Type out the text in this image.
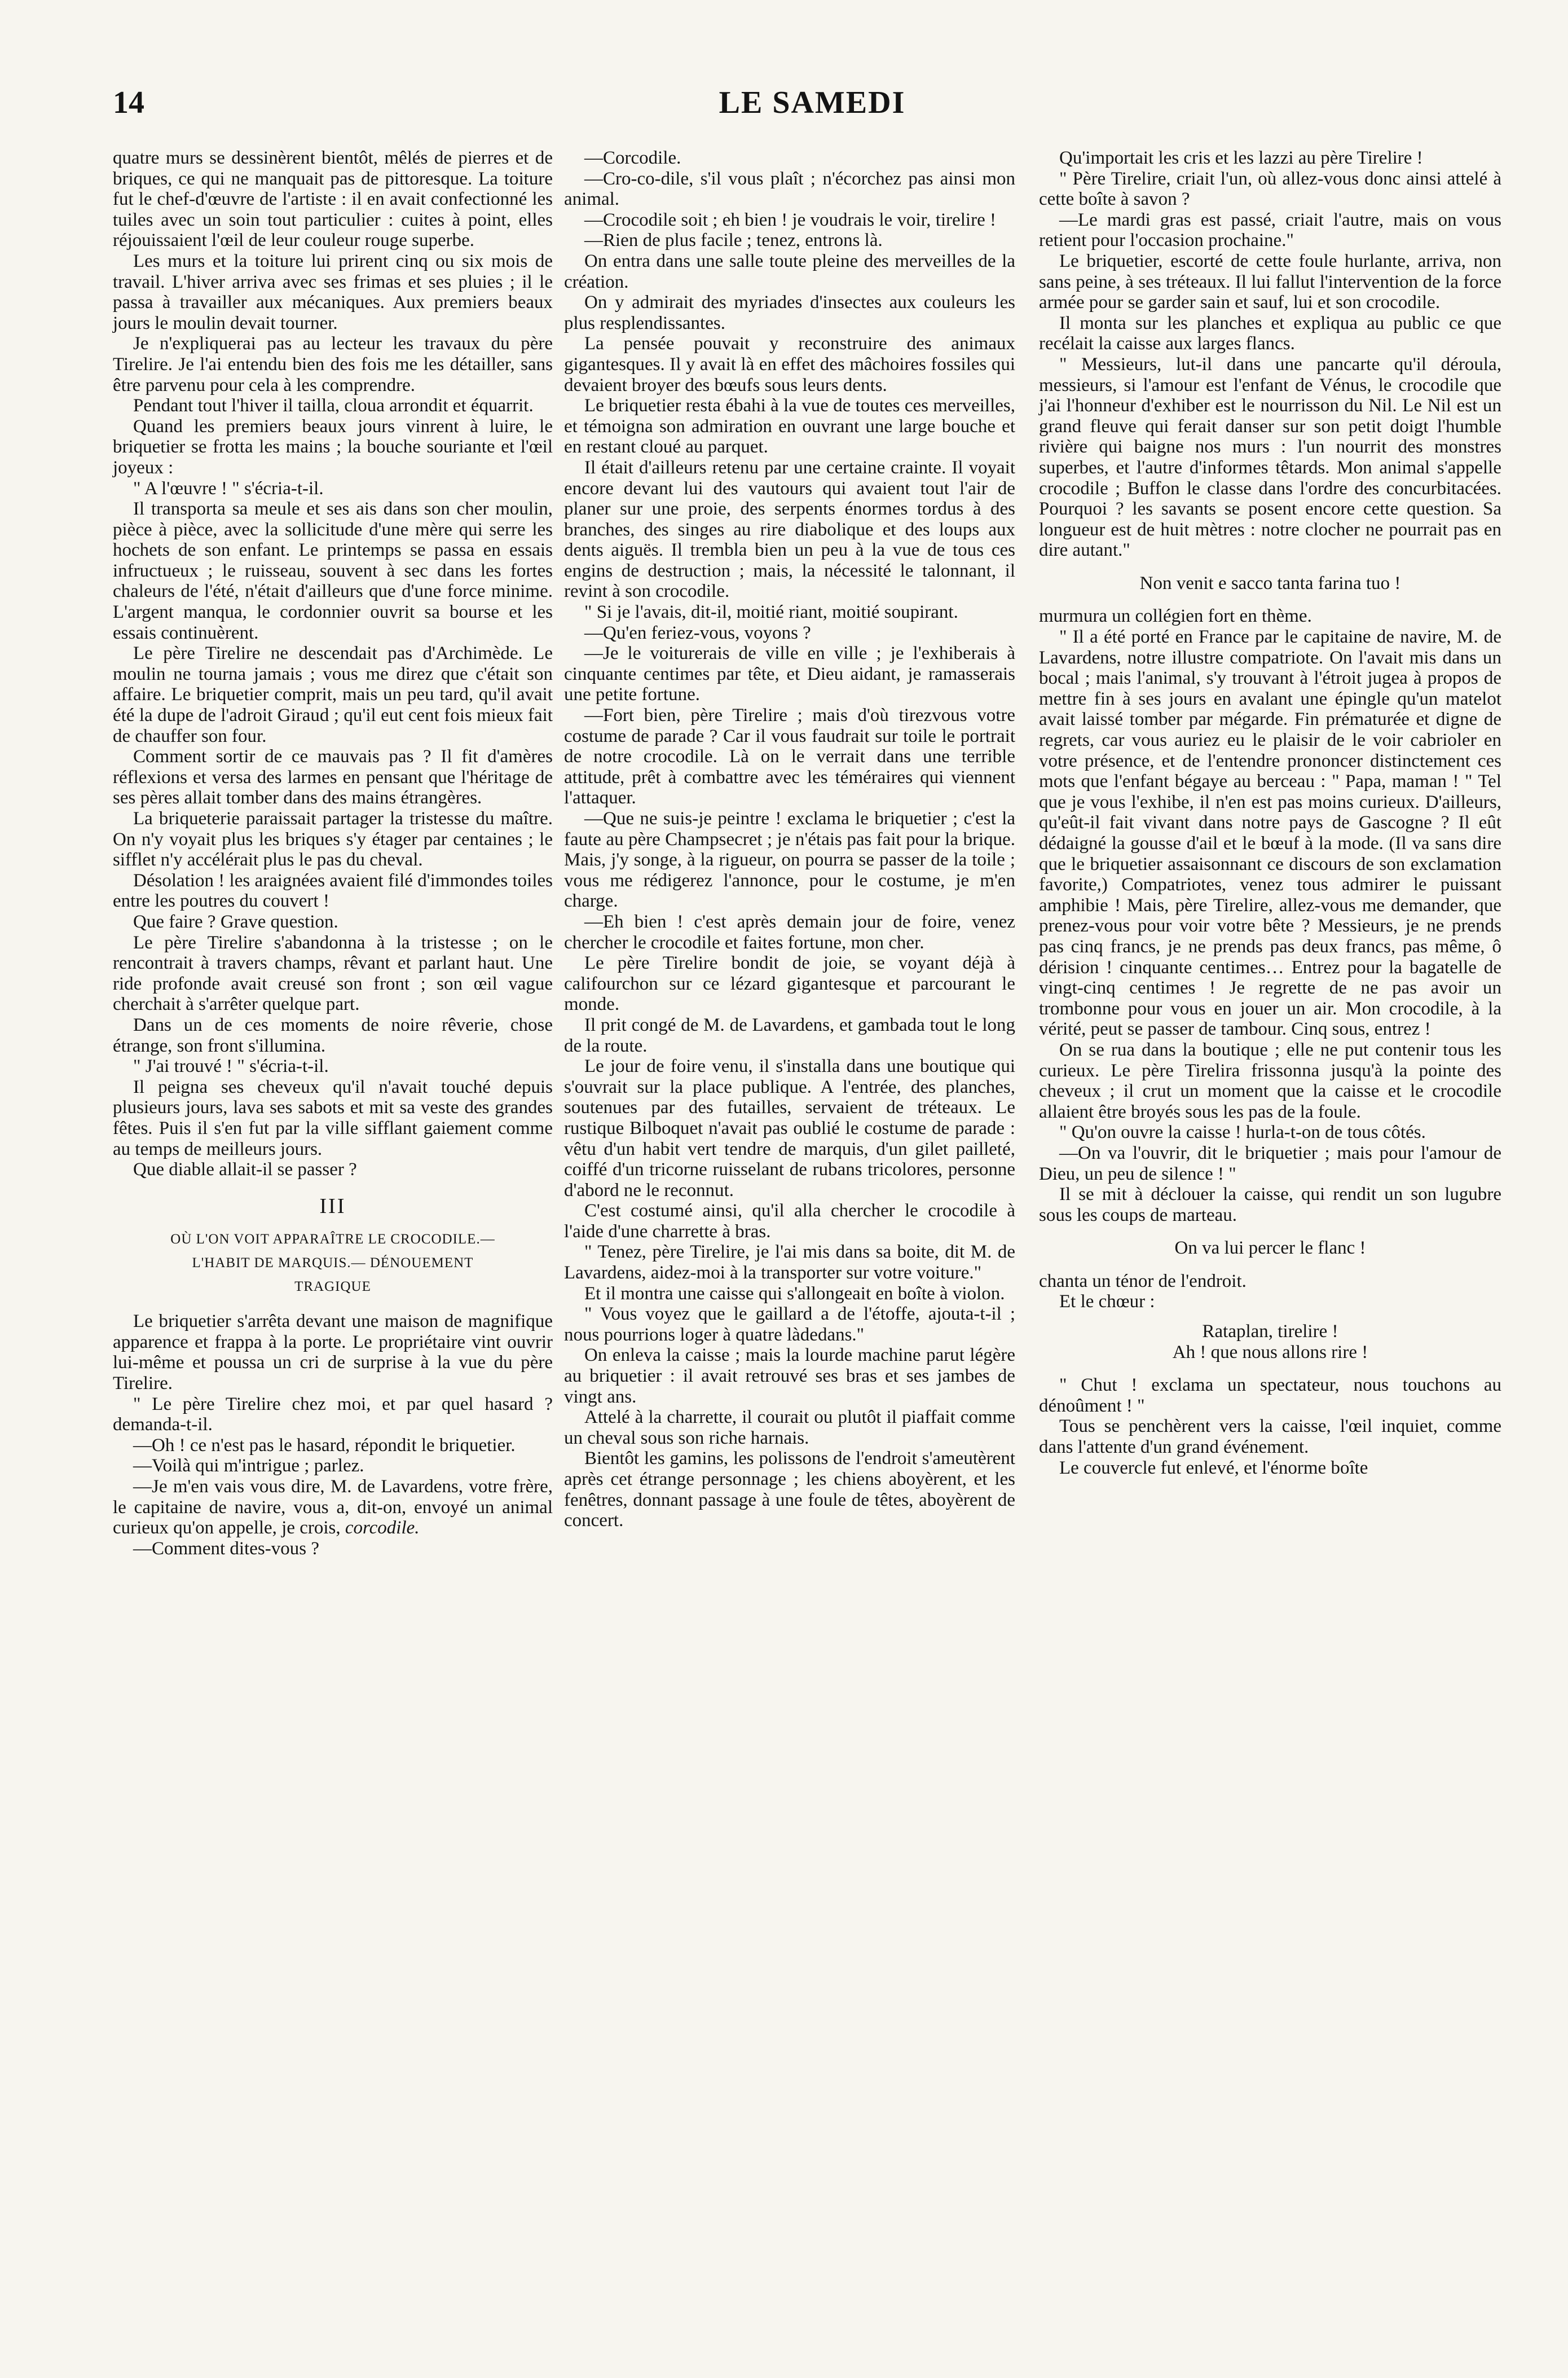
14	LE SAMEDI

quatre murs se dessinèrent bientôt, mêlés de pierres et de briques, ce qui ne manquait pas de pittoresque. La toiture fut le chef-d'œuvre de l'artiste : il en avait confectionné les tuiles avec un soin tout particulier : cuites à point, elles réjouissaient l'œil de leur couleur rouge superbe.

Les murs et la toiture lui prirent cinq ou six mois de travail. L'hiver arriva avec ses frimas et ses pluies ; il le passa à travailler aux mécaniques. Aux premiers beaux jours le moulin devait tourner.

Je n'expliquerai pas au lecteur les travaux du père Tirelire. Je l'ai entendu bien des fois me les détailler, sans être parvenu pour cela à les comprendre.

Pendant tout l'hiver il tailla, cloua arrondit et équarrit.

Quand les premiers beaux jours vinrent à luire, le briquetier se frotta les mains ; la bouche souriante et l'œil joyeux :

" A l'œuvre ! " s'écria-t-il.

Il transporta sa meule et ses ais dans son cher moulin, pièce à pièce, avec la sollicitude d'une mère qui serre les hochets de son enfant. Le printemps se passa en essais infructueux ; le ruisseau, souvent à sec dans les fortes chaleurs de l'été, n'était d'ailleurs que d'une force minime. L'argent manqua, le cordonnier ouvrit sa bourse et les essais continuèrent.

Le père Tirelire ne descendait pas d'Archimède. Le moulin ne tourna jamais ; vous me direz que c'était son affaire. Le briquetier comprit, mais un peu tard, qu'il avait été la dupe de l'adroit Giraud ; qu'il eut cent fois mieux fait de chauffer son four.

Comment sortir de ce mauvais pas ? Il fit d'amères réflexions et versa des larmes en pensant que l'héritage de ses pères allait tomber dans des mains étrangères.

La briqueterie paraissait partager la tristesse du maître. On n'y voyait plus les briques s'y étager par centaines ; le sifflet n'y accélérait plus le pas du cheval.

Désolation ! les araignées avaient filé d'immondes toiles entre les poutres du couvert !

Que faire ? Grave question.

Le père Tirelire s'abandonna à la tristesse ; on le rencontrait à travers champs, rêvant et parlant haut. Une ride profonde avait creusé son front ; son œil vague cherchait à s'arrêter quelque part.

Dans un de ces moments de noire rêverie, chose étrange, son front s'illumina.

" J'ai trouvé ! " s'écria-t-il.

Il peigna ses cheveux qu'il n'avait touché depuis plusieurs jours, lava ses sabots et mit sa veste des grandes fêtes. Puis il s'en fut par la ville sifflant gaiement comme au temps de meilleurs jours.

Que diable allait-il se passer ?

III
OÙ L'ON VOIT APPARAÎTRE LE CROCODILE.—
L'HABIT DE MARQUIS.— DÉNOUEMENT
TRAGIQUE

Le briquetier s'arrêta devant une maison de magnifique apparence et frappa à la porte. Le propriétaire vint ouvrir lui-même et poussa un cri de surprise à la vue du père Tirelire.

" Le père Tirelire chez moi, et par quel hasard ? demanda-t-il.

—Oh ! ce n'est pas le hasard, répondit le briquetier.

—Voilà qui m'intrigue ; parlez.

—Je m'en vais vous dire, M. de Lavardens, votre frère, le capitaine de navire, vous a, dit-on, envoyé un animal curieux qu'on appelle, je crois, corcodile.

—Comment dites-vous ?

—Corcodile.

—Cro-co-dile, s'il vous plaît ; n'écorchez pas ainsi mon animal.

—Crocodile soit ; eh bien ! je voudrais le voir, tirelire !

—Rien de plus facile ; tenez, entrons là.

On entra dans une salle toute pleine des merveilles de la création.

On y admirait des myriades d'insectes aux couleurs les plus resplendissantes.

La pensée pouvait y reconstruire des animaux gigantesques. Il y avait là en effet des mâchoires fossiles qui devaient broyer des bœufs sous leurs dents.

Le briquetier resta ébahi à la vue de toutes ces merveilles, et témoigna son admiration en ouvrant une large bouche et en restant cloué au parquet.

Il était d'ailleurs retenu par une certaine crainte. Il voyait encore devant lui des vautours qui avaient tout l'air de planer sur une proie, des serpents énormes tordus à des branches, des singes au rire diabolique et des loups aux dents aiguës. Il trembla bien un peu à la vue de tous ces engins de destruction ; mais, la nécessité le talonnant, il revint à son crocodile.

" Si je l'avais, dit-il, moitié riant, moitié soupirant.

—Qu'en feriez-vous, voyons ?

—Je le voiturerais de ville en ville ; je l'exhiberais à cinquante centimes par tête, et Dieu aidant, je ramasserais une petite fortune.

—Fort bien, père Tirelire ; mais d'où tirezvous votre costume de parade ? Car il vous faudrait sur toile le portrait de notre crocodile. Là on le verrait dans une terrible attitude, prêt à combattre avec les téméraires qui viennent l'attaquer.

—Que ne suis-je peintre ! exclama le briquetier ; c'est la faute au père Champsecret ; je n'étais pas fait pour la brique. Mais, j'y songe, à la rigueur, on pourra se passer de la toile ; vous me rédigerez l'annonce, pour le costume, je m'en charge.

—Eh bien ! c'est après demain jour de foire, venez chercher le crocodile et faites fortune, mon cher.

Le père Tirelire bondit de joie, se voyant déjà à califourchon sur ce lézard gigantesque et parcourant le monde.

Il prit congé de M. de Lavardens, et gambada tout le long de la route.

Le jour de foire venu, il s'installa dans une boutique qui s'ouvrait sur la place publique. A l'entrée, des planches, soutenues par des futailles, servaient de tréteaux. Le rustique Bilboquet n'avait pas oublié le costume de parade : vêtu d'un habit vert tendre de marquis, d'un gilet pailleté, coiffé d'un tricorne ruisselant de rubans tricolores, personne d'abord ne le reconnut.

C'est costumé ainsi, qu'il alla chercher le crocodile à l'aide d'une charrette à bras.

" Tenez, père Tirelire, je l'ai mis dans sa boite, dit M. de Lavardens, aidez-moi à la transporter sur votre voiture."

Et il montra une caisse qui s'allongeait en boîte à violon.

" Vous voyez que le gaillard a de l'étoffe, ajouta-t-il ; nous pourrions loger à quatre làdedans."

On enleva la caisse ; mais la lourde machine parut légère au briquetier : il avait retrouvé ses bras et ses jambes de vingt ans.

Attelé à la charrette, il courait ou plutôt il piaffait comme un cheval sous son riche harnais.

Bientôt les gamins, les polissons de l'endroit s'ameutèrent après cet étrange personnage ; les chiens aboyèrent, et les fenêtres, donnant passage à une foule de têtes, aboyèrent de concert.

Qu'importait les cris et les lazzi au père Tirelire !

" Père Tirelire, criait l'un, où allez-vous donc ainsi attelé à cette boîte à savon ?

—Le mardi gras est passé, criait l'autre, mais on vous retient pour l'occasion prochaine."

Le briquetier, escorté de cette foule hurlante, arriva, non sans peine, à ses tréteaux. Il lui fallut l'intervention de la force armée pour se garder sain et sauf, lui et son crocodile.

Il monta sur les planches et expliqua au public ce que recélait la caisse aux larges flancs.

" Messieurs, lut-il dans une pancarte qu'il déroula, messieurs, si l'amour est l'enfant de Vénus, le crocodile que j'ai l'honneur d'exhiber est le nourrisson du Nil. Le Nil est un grand fleuve qui ferait danser sur son petit doigt l'humble rivière qui baigne nos murs : l'un nourrit des monstres superbes, et l'autre d'informes têtards. Mon animal s'appelle crocodile ; Buffon le classe dans l'ordre des concurbitacées. Pourquoi ? les savants se posent encore cette question. Sa longueur est de huit mètres : notre clocher ne pourrait pas en dire autant."

Non venit e sacco tanta farina tuo !

murmura un collégien fort en thème.

" Il a été porté en France par le capitaine de navire, M. de Lavardens, notre illustre compatriote. On l'avait mis dans un bocal ; mais l'animal, s'y trouvant à l'étroit jugea à propos de mettre fin à ses jours en avalant une épingle qu'un matelot avait laissé tomber par mégarde. Fin prématurée et digne de regrets, car vous auriez eu le plaisir de le voir cabrioler en votre présence, et de l'entendre prononcer distinctement ces mots que l'enfant bégaye au berceau : " Papa, maman ! " Tel que je vous l'exhibe, il n'en est pas moins curieux. D'ailleurs, qu'eût-il fait vivant dans notre pays de Gascogne ? Il eût dédaigné la gousse d'ail et le bœuf à la mode. (Il va sans dire que le briquetier assaisonnant ce discours de son exclamation favorite,) Compatriotes, venez tous admirer le puissant amphibie ! Mais, père Tirelire, allez-vous me demander, que prenez-vous pour voir votre bête ? Messieurs, je ne prends pas cinq francs, je ne prends pas deux francs, pas même, ô dérision ! cinquante centimes… Entrez pour la bagatelle de vingt-cinq centimes ! Je regrette de ne pas avoir un trombonne pour vous en jouer un air. Mon crocodile, à la vérité, peut se passer de tambour. Cinq sous, entrez !

On se rua dans la boutique ; elle ne put contenir tous les curieux. Le père Tirelira frissonna jusqu'à la pointe des cheveux ; il crut un moment que la caisse et le crocodile allaient être broyés sous les pas de la foule.

" Qu'on ouvre la caisse ! hurla-t-on de tous côtés.

—On va l'ouvrir, dit le briquetier ; mais pour l'amour de Dieu, un peu de silence ! "

Il se mit à déclouer la caisse, qui rendit un son lugubre sous les coups de marteau.

On va lui percer le flanc !

chanta un ténor de l'endroit.

Et le chœur :

Rataplan, tirelire !
Ah ! que nous allons rire !

" Chut ! exclama un spectateur, nous touchons au dénoûment ! "

Tous se penchèrent vers la caisse, l'œil inquiet, comme dans l'attente d'un grand événement.

Le couvercle fut enlevé, et l'énorme boîte
